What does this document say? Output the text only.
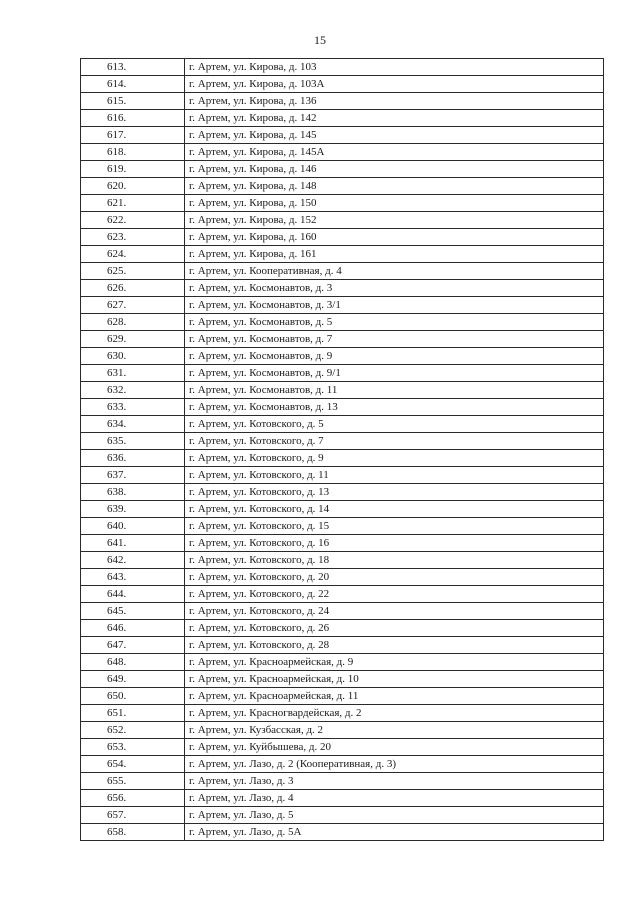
15
613.	г. Артем, ул. Кирова, д. 103
614.	г. Артем, ул. Кирова, д. 103А
615.	г. Артем, ул. Кирова, д. 136
616.	г. Артем, ул. Кирова, д. 142
617.	г. Артем, ул. Кирова, д. 145
618.	г. Артем, ул. Кирова, д. 145А
619.	г. Артем, ул. Кирова, д. 146
620.	г. Артем, ул. Кирова, д. 148
621.	г. Артем, ул. Кирова, д. 150
622.	г. Артем, ул. Кирова, д. 152
623.	г. Артем, ул. Кирова, д. 160
624.	г. Артем, ул. Кирова, д. 161
625.	г. Артем, ул. Кооперативная, д. 4
626.	г. Артем, ул. Космонавтов, д. 3
627.	г. Артем, ул. Космонавтов, д. 3/1
628.	г. Артем, ул. Космонавтов, д. 5
629.	г. Артем, ул. Космонавтов, д. 7
630.	г. Артем, ул. Космонавтов, д. 9
631.	г. Артем, ул. Космонавтов, д. 9/1
632.	г. Артем, ул. Космонавтов, д. 11
633.	г. Артем, ул. Космонавтов, д. 13
634.	г. Артем, ул. Котовского, д. 5
635.	г. Артем, ул. Котовского, д. 7
636.	г. Артем, ул. Котовского, д. 9
637.	г. Артем, ул. Котовского, д. 11
638.	г. Артем, ул. Котовского, д. 13
639.	г. Артем, ул. Котовского, д. 14
640.	г. Артем, ул. Котовского, д. 15
641.	г. Артем, ул. Котовского, д. 16
642.	г. Артем, ул. Котовского, д. 18
643.	г. Артем, ул. Котовского, д. 20
644.	г. Артем, ул. Котовского, д. 22
645.	г. Артем, ул. Котовского, д. 24
646.	г. Артем, ул. Котовского, д. 26
647.	г. Артем, ул. Котовского, д. 28
648.	г. Артем, ул. Красноармейская, д. 9
649.	г. Артем, ул. Красноармейская, д. 10
650.	г. Артем, ул. Красноармейская, д. 11
651.	г. Артем, ул. Красногвардейская, д. 2
652.	г. Артем, ул. Кузбасская, д. 2
653.	г. Артем, ул. Куйбышева, д. 20
654.	г. Артем, ул. Лазо, д. 2 (Кооперативная, д. 3)
655.	г. Артем, ул. Лазо, д. 3
656.	г. Артем, ул. Лазо, д. 4
657.	г. Артем, ул. Лазо, д. 5
658.	г. Артем, ул. Лазо, д. 5А
